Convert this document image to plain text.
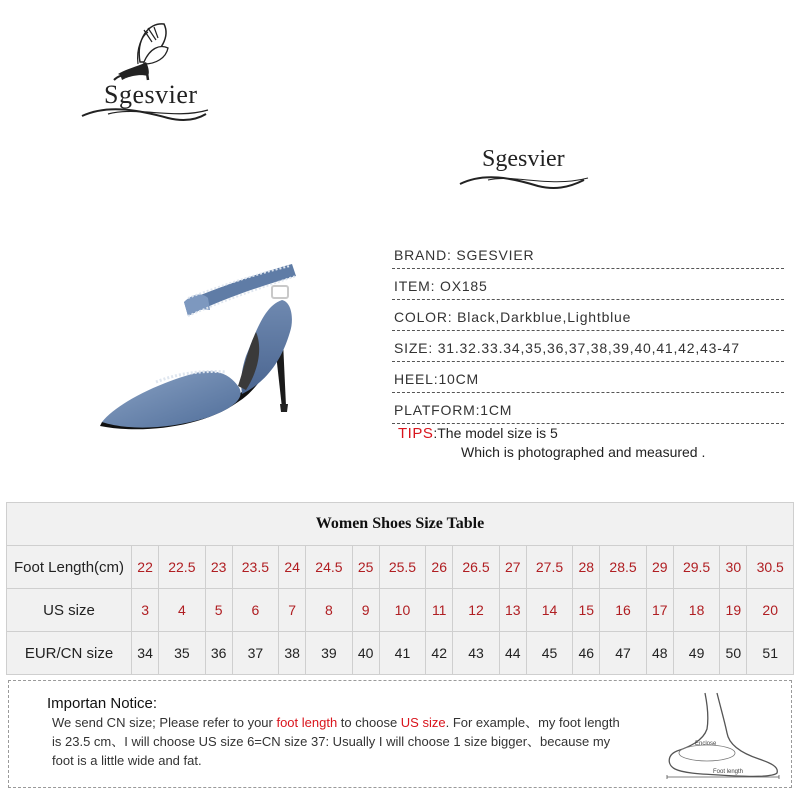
Sgesvier
Sgesvier
BRAND: SGESVIER
ITEM: OX185
COLOR: Black,Darkblue,Lightblue
SIZE: 31.32.33.34,35,36,37,38,39,40,41,42,43-47
HEEL:10CM
PLATFORM:1CM
TIPS:The model size is 5
Which is photographed and measured .
Women Shoes Size Table																		
Foot Length(cm)	22	22.5	23	23.5	24	24.5	25	25.5	26	26.5	27	27.5	28	28.5	29	29.5	30	30.5
US size	3	4	5	6	7	8	9	10	11	12	13	14	15	16	17	18	19	20
EUR/CN size	34	35	36	37	38	39	40	41	42	43	44	45	46	47	48	49	50	51
Importan Notice:
We send CN size; Please refer to your foot length to choose US size. For example、my foot length is 23.5 cm、I will choose US size 6=CN size 37: Usually I will choose 1 size bigger、because my foot is a little wide and fat.
Enclose
Foot length
